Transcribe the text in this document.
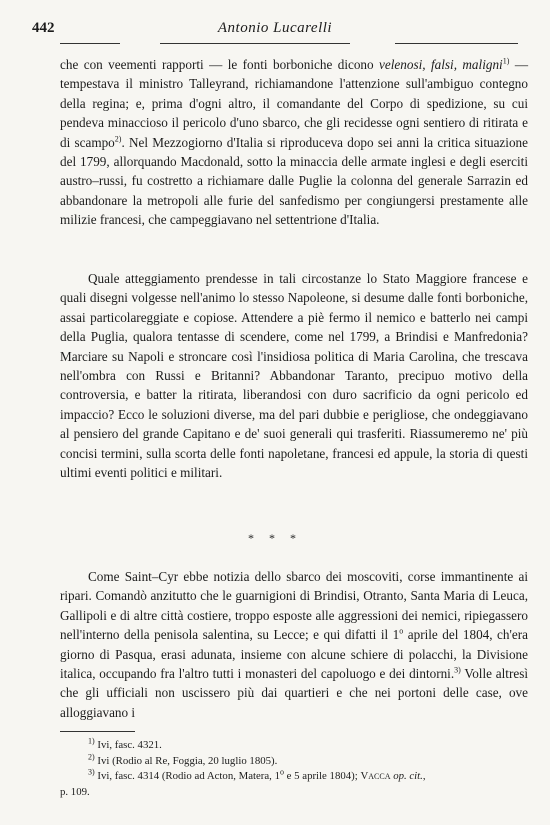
442	Antonio Lucarelli

che con veementi rapporti — le fonti borboniche dicono velenosi, falsi, maligni$^{1)}$ — tempestava il ministro Talleyrand, richiamandone l'attenzione sull'ambiguo contegno della regina; e, prima d'ogni altro, il comandante del Corpo di spedizione, su cui pendeva minaccioso il pericolo d'uno sbarco, che gli recidesse ogni sentiero di ritirata e di scampo$^{2)}$. Nel Mezzogiorno d'Italia si riproduceva dopo sei anni la critica situazione del 1799, allorquando Macdonald, sotto la minaccia delle armate inglesi e degli eserciti austro–russi, fu costretto a richiamare dalle Puglie la colonna del generale Sarrazin ed abbandonare la metropoli alle furie del sanfedismo per congiungersi prestamente alle milizie francesi, che campeggiavano nel settentrione d'Italia.

Quale atteggiamento prendesse in tali circostanze lo Stato Maggiore francese e quali disegni volgesse nell'animo lo stesso Napoleone, si desume dalle fonti borboniche, assai particolareggiate e copiose. Attendere a piè fermo il nemico e batterlo nei campi della Puglia, qualora tentasse di scendere, come nel 1799, a Brindisi e Manfredonia? Marciare su Napoli e stroncare così l'insidiosa politica di Maria Carolina, che trescava nell'ombra con Russi e Britanni? Abbandonar Taranto, precipuo motivo della controversia, e batter la ritirata, liberandosi con duro sacrificio da ogni pericolo ed impaccio? Ecco le soluzioni diverse, ma del pari dubbie e perigliose, che ondeggiavano al pensiero del grande Capitano e de' suoi generali qui trasferiti. Riassumeremo ne' più concisi termini, sulla scorta delle fonti napoletane, francesi ed appule, la storia di questi ultimi eventi politici e militari.

* * *

Come Saint–Cyr ebbe notizia dello sbarco dei moscoviti, corse immantinente ai ripari. Comandò anzitutto che le guarnigioni di Brindisi, Otranto, Santa Maria di Leuca, Gallipoli e di altre città costiere, troppo esposte alle aggressioni dei nemici, ripiegassero nell'interno della penisola salentina, su Lecce; e qui difatti il 1$^o$ aprile del 1804, ch'era giorno di Pasqua, erasi adunata, insieme con alcune schiere di polacchi, la Divisione italica, occupando fra l'altro tutti i monasteri del capoluogo e dei dintorni.$^{3)}$ Volle altresì che gli ufficiali non uscissero più dai quartieri e che nei portoni delle case, ove alloggiavano i

$^{1)}$ Ivi, fasc. 4321.

$^{2)}$ Ivi (Rodio al Re, Foggia, 20 luglio 1805).

$^{3)}$ Ivi, fasc. 4314 (Rodio ad Acton, Matera, 1$^o$ e 5 aprile 1804); Vacca op. cit.,

p. 109.
